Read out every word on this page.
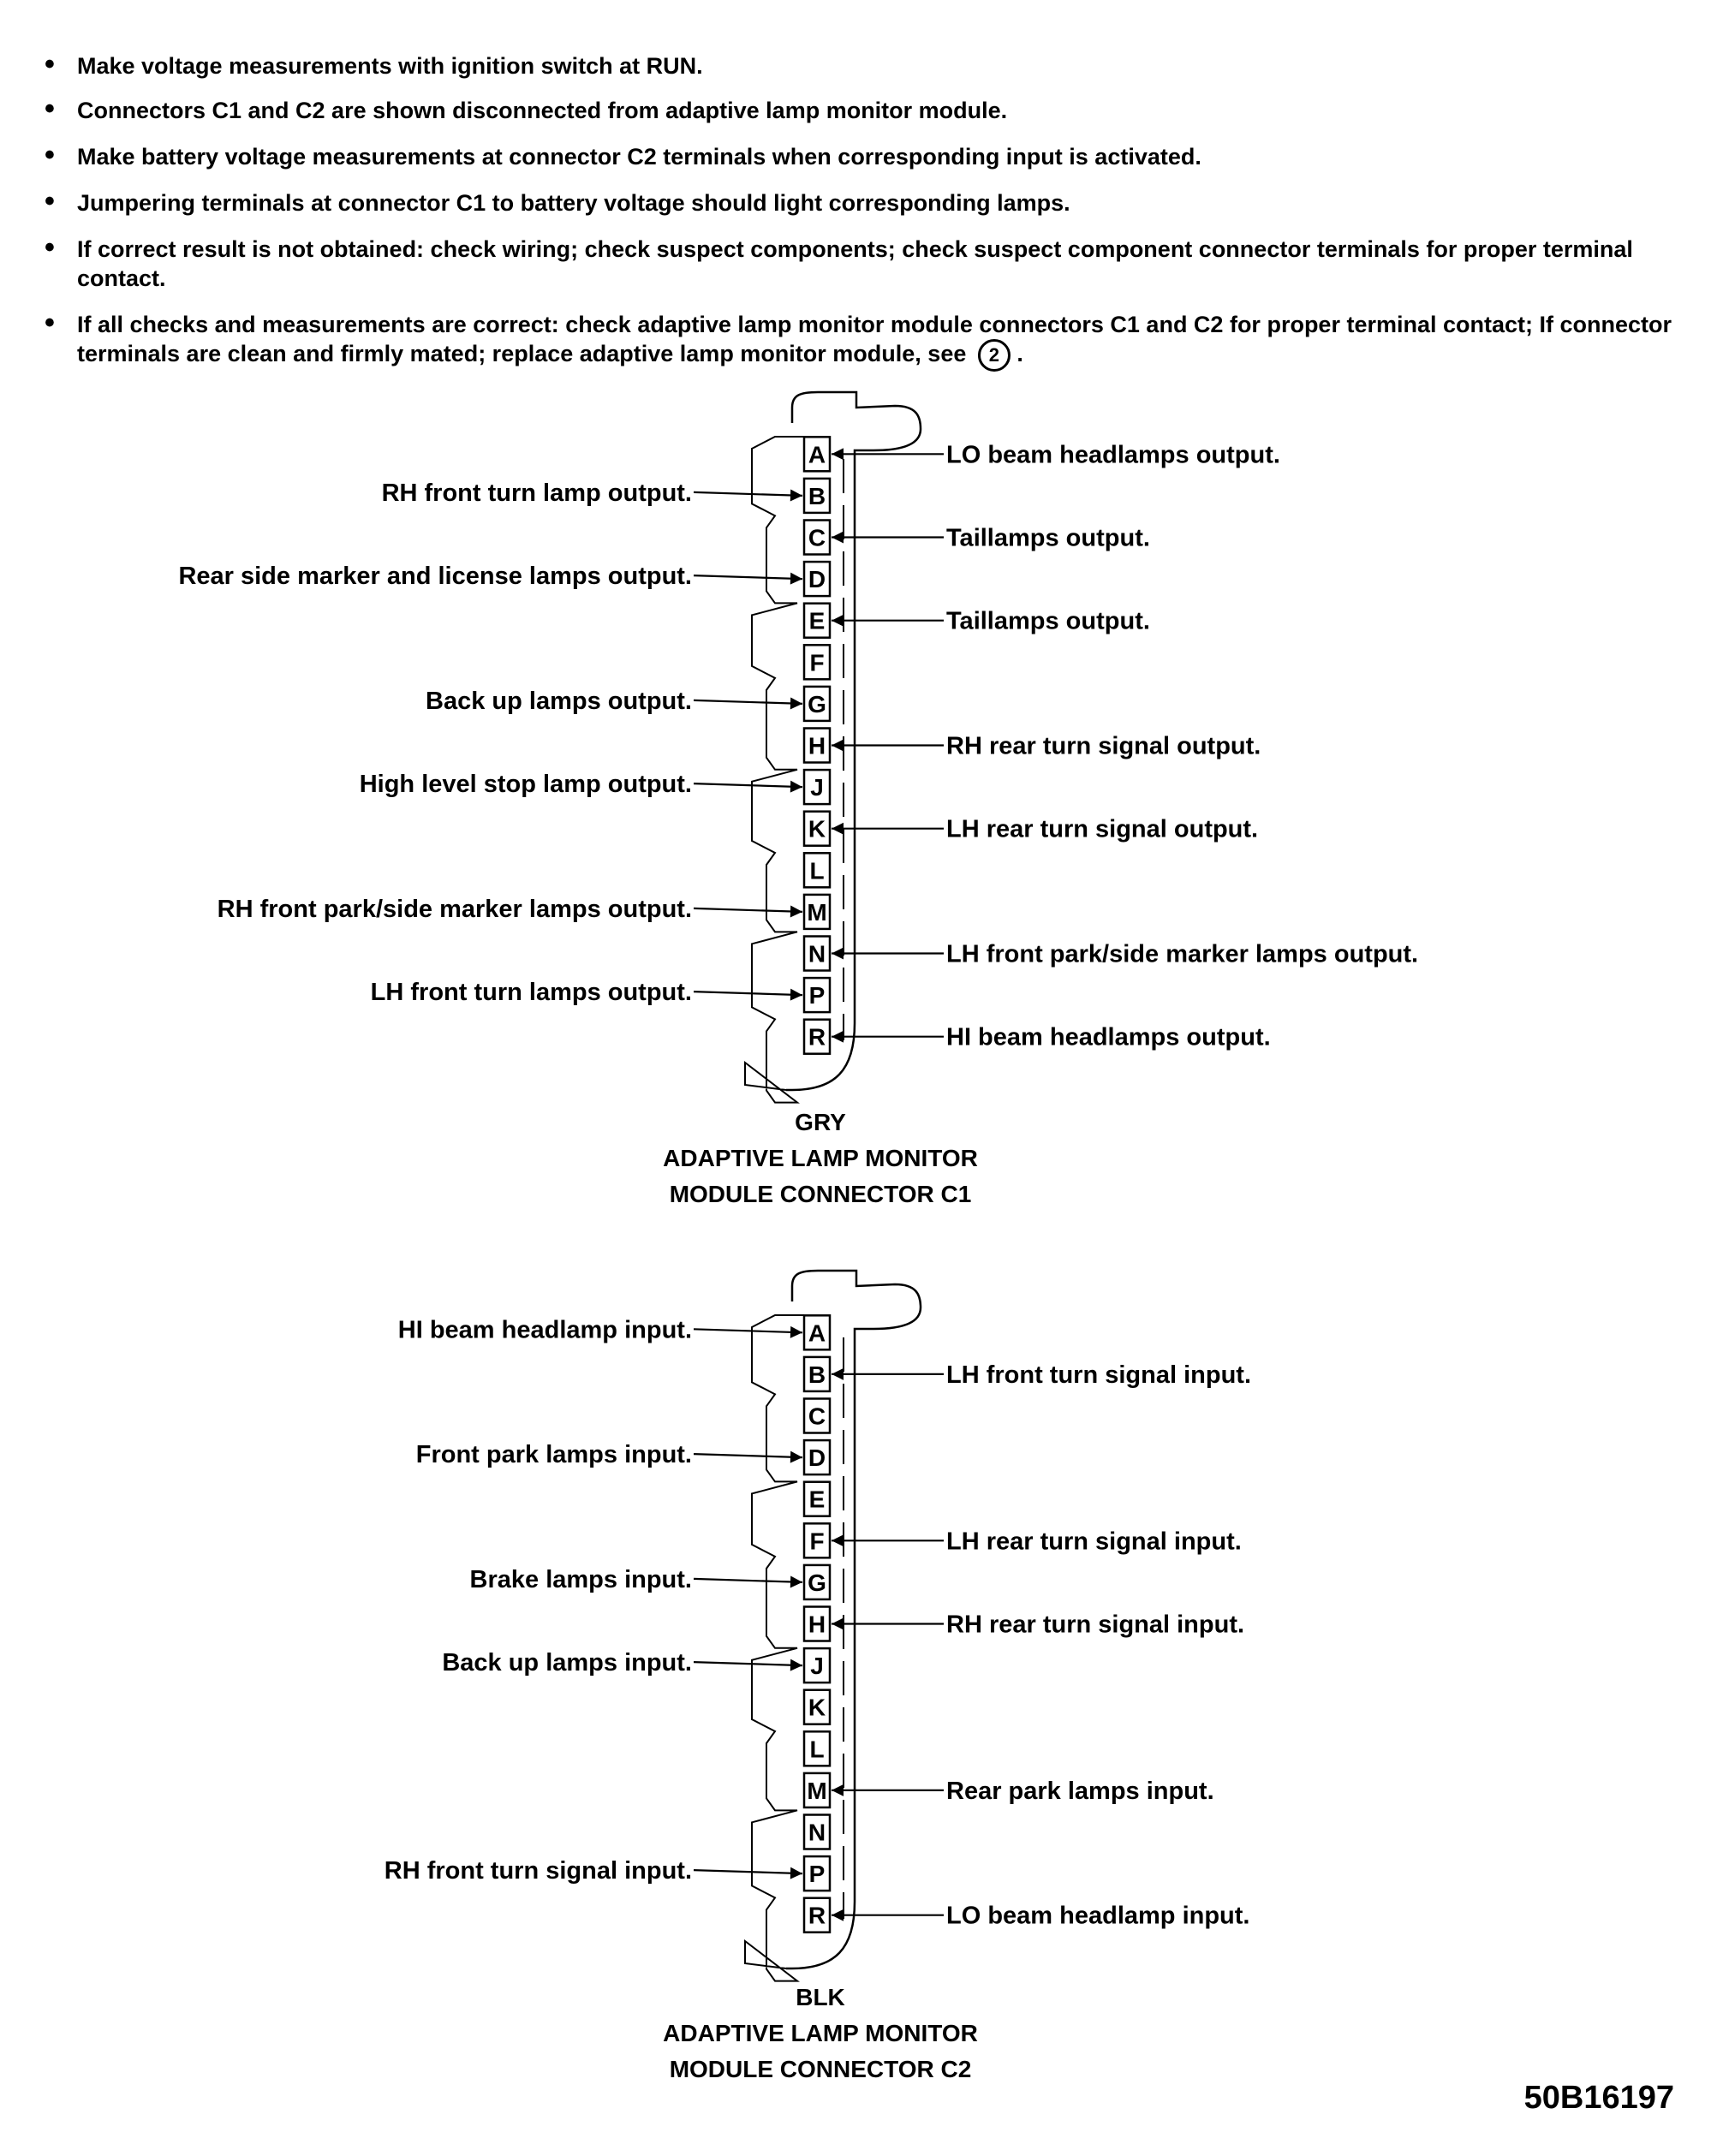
• Make voltage measurements with ignition switch at RUN.
• Connectors C1 and C2 are shown disconnected from adaptive lamp monitor module.
• Make battery voltage measurements at connector C2 terminals when corresponding input is activated.
• Jumpering terminals at connector C1 to battery voltage should light corresponding lamps.
• If correct result is not obtained: check wiring; check suspect components; check suspect component connector terminals for proper terminal contact.
• If all checks and measurements are correct: check adaptive lamp monitor module connectors C1 and C2 for proper terminal contact; If connector terminals are clean and firmly mated; replace adaptive lamp monitor module, see 2 .
A
B
C
D
E
F
G
H
J
K
L
M
N
P
R
RH front turn lamp output.
Rear side marker and license lamps output.
Back up lamps output.
High level stop lamp output.
RH front park/side marker lamps output.
LH front turn lamps output.
LO beam headlamps output.
Taillamps output.
Taillamps output.
RH rear turn signal output.
LH rear turn signal output.
LH front park/side marker lamps output.
HI beam headlamps output.
GRY
ADAPTIVE LAMP MONITOR
MODULE CONNECTOR C1
A
B
C
D
E
F
G
H
J
K
L
M
N
P
R
HI beam headlamp input.
Front park lamps input.
Brake lamps input.
Back up lamps input.
RH front turn signal input.
LH front turn signal input.
LH rear turn signal input.
RH rear turn signal input.
Rear park lamps input.
LO beam headlamp input.
BLK
ADAPTIVE LAMP MONITOR
MODULE CONNECTOR C2
50B16197
